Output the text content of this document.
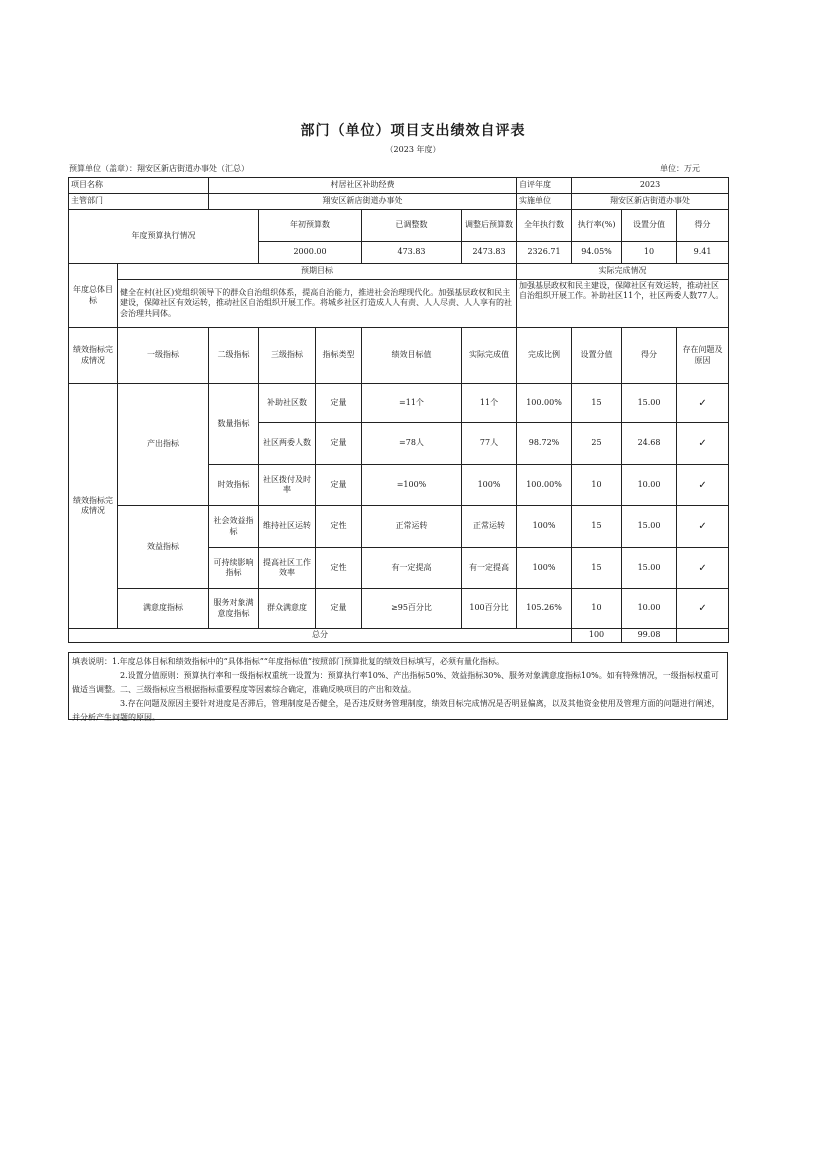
部门（单位）项目支出绩效自评表
（2023 年度）
预算单位（盖章）：翔安区新店街道办事处（汇总）	单位：万元
项目名称		村居社区补助经费					自评年度	2023		
主管部门		翔安区新店街道办事处					实施单位	翔安区新店街道办事处		
年度预算执行情况			年初预算数		已调整数	调整后预算数	全年执行数	执行率(%)	设置分值	得分
			2000.00		473.83	2473.83	2326.71	94.05%	10	9.41
年度总体目标	预期目标						实际完成情况			
	健全在村(社区)党组织领导下的群众自治组织体系，提高自治能力，推进社会治理现代化。加强基层政权和民主建设，保障社区有效运转，推动社区自治组织开展工作。将城乡社区打造成人人有责、人人尽责、人人享有的社会治理共同体。						加强基层政权和民主建设，保障社区有效运转，推动社区自治组织开展工作。补助社区11个，社区两委人数77人。			
绩效指标完成情况	一级指标	二级指标	三级指标	指标类型	绩效目标值	实际完成值	完成比例	设置分值	得分	存在问题及原因
绩效指标完成情况	产出指标	数量指标	补助社区数	定量	=11个	11个	100.00%	15	15.00	✓
			社区两委人数	定量	=78人	77人	98.72%	25	24.68	✓
		时效指标	社区拨付及时率	定量	=100%	100%	100.00%	10	10.00	✓
	效益指标	社会效益指标	维持社区运转	定性	正常运转	正常运转	100%	15	15.00	✓
		可持续影响指标	提高社区工作效率	定性	有一定提高	有一定提高	100%	15	15.00	✓
	满意度指标	服务对象满意度指标	群众满意度	定量	≥95百分比	100百分比	105.26%	10	10.00	✓
总分								100	99.08	

填表说明：1.年度总体目标和绩效指标中的“具体指标”“年度指标值”按照部门预算批复的绩效目标填写，必须有量化指标。

2.设置分值原则：预算执行率和一级指标权重统一设置为：预算执行率10%、产出指标50%、效益指标30%、服务对象满意度指标10%。如有特殊情况，一级指标权重可做适当调整。二、三级指标应当根据指标重要程度等因素综合确定，准确反映项目的产出和效益。

3.存在问题及原因主要针对进度是否滞后，管理制度是否健全，是否违反财务管理制度，绩效目标完成情况是否明显偏离，以及其他资金使用及管理方面的问题进行阐述，并分析产生问题的原因。
